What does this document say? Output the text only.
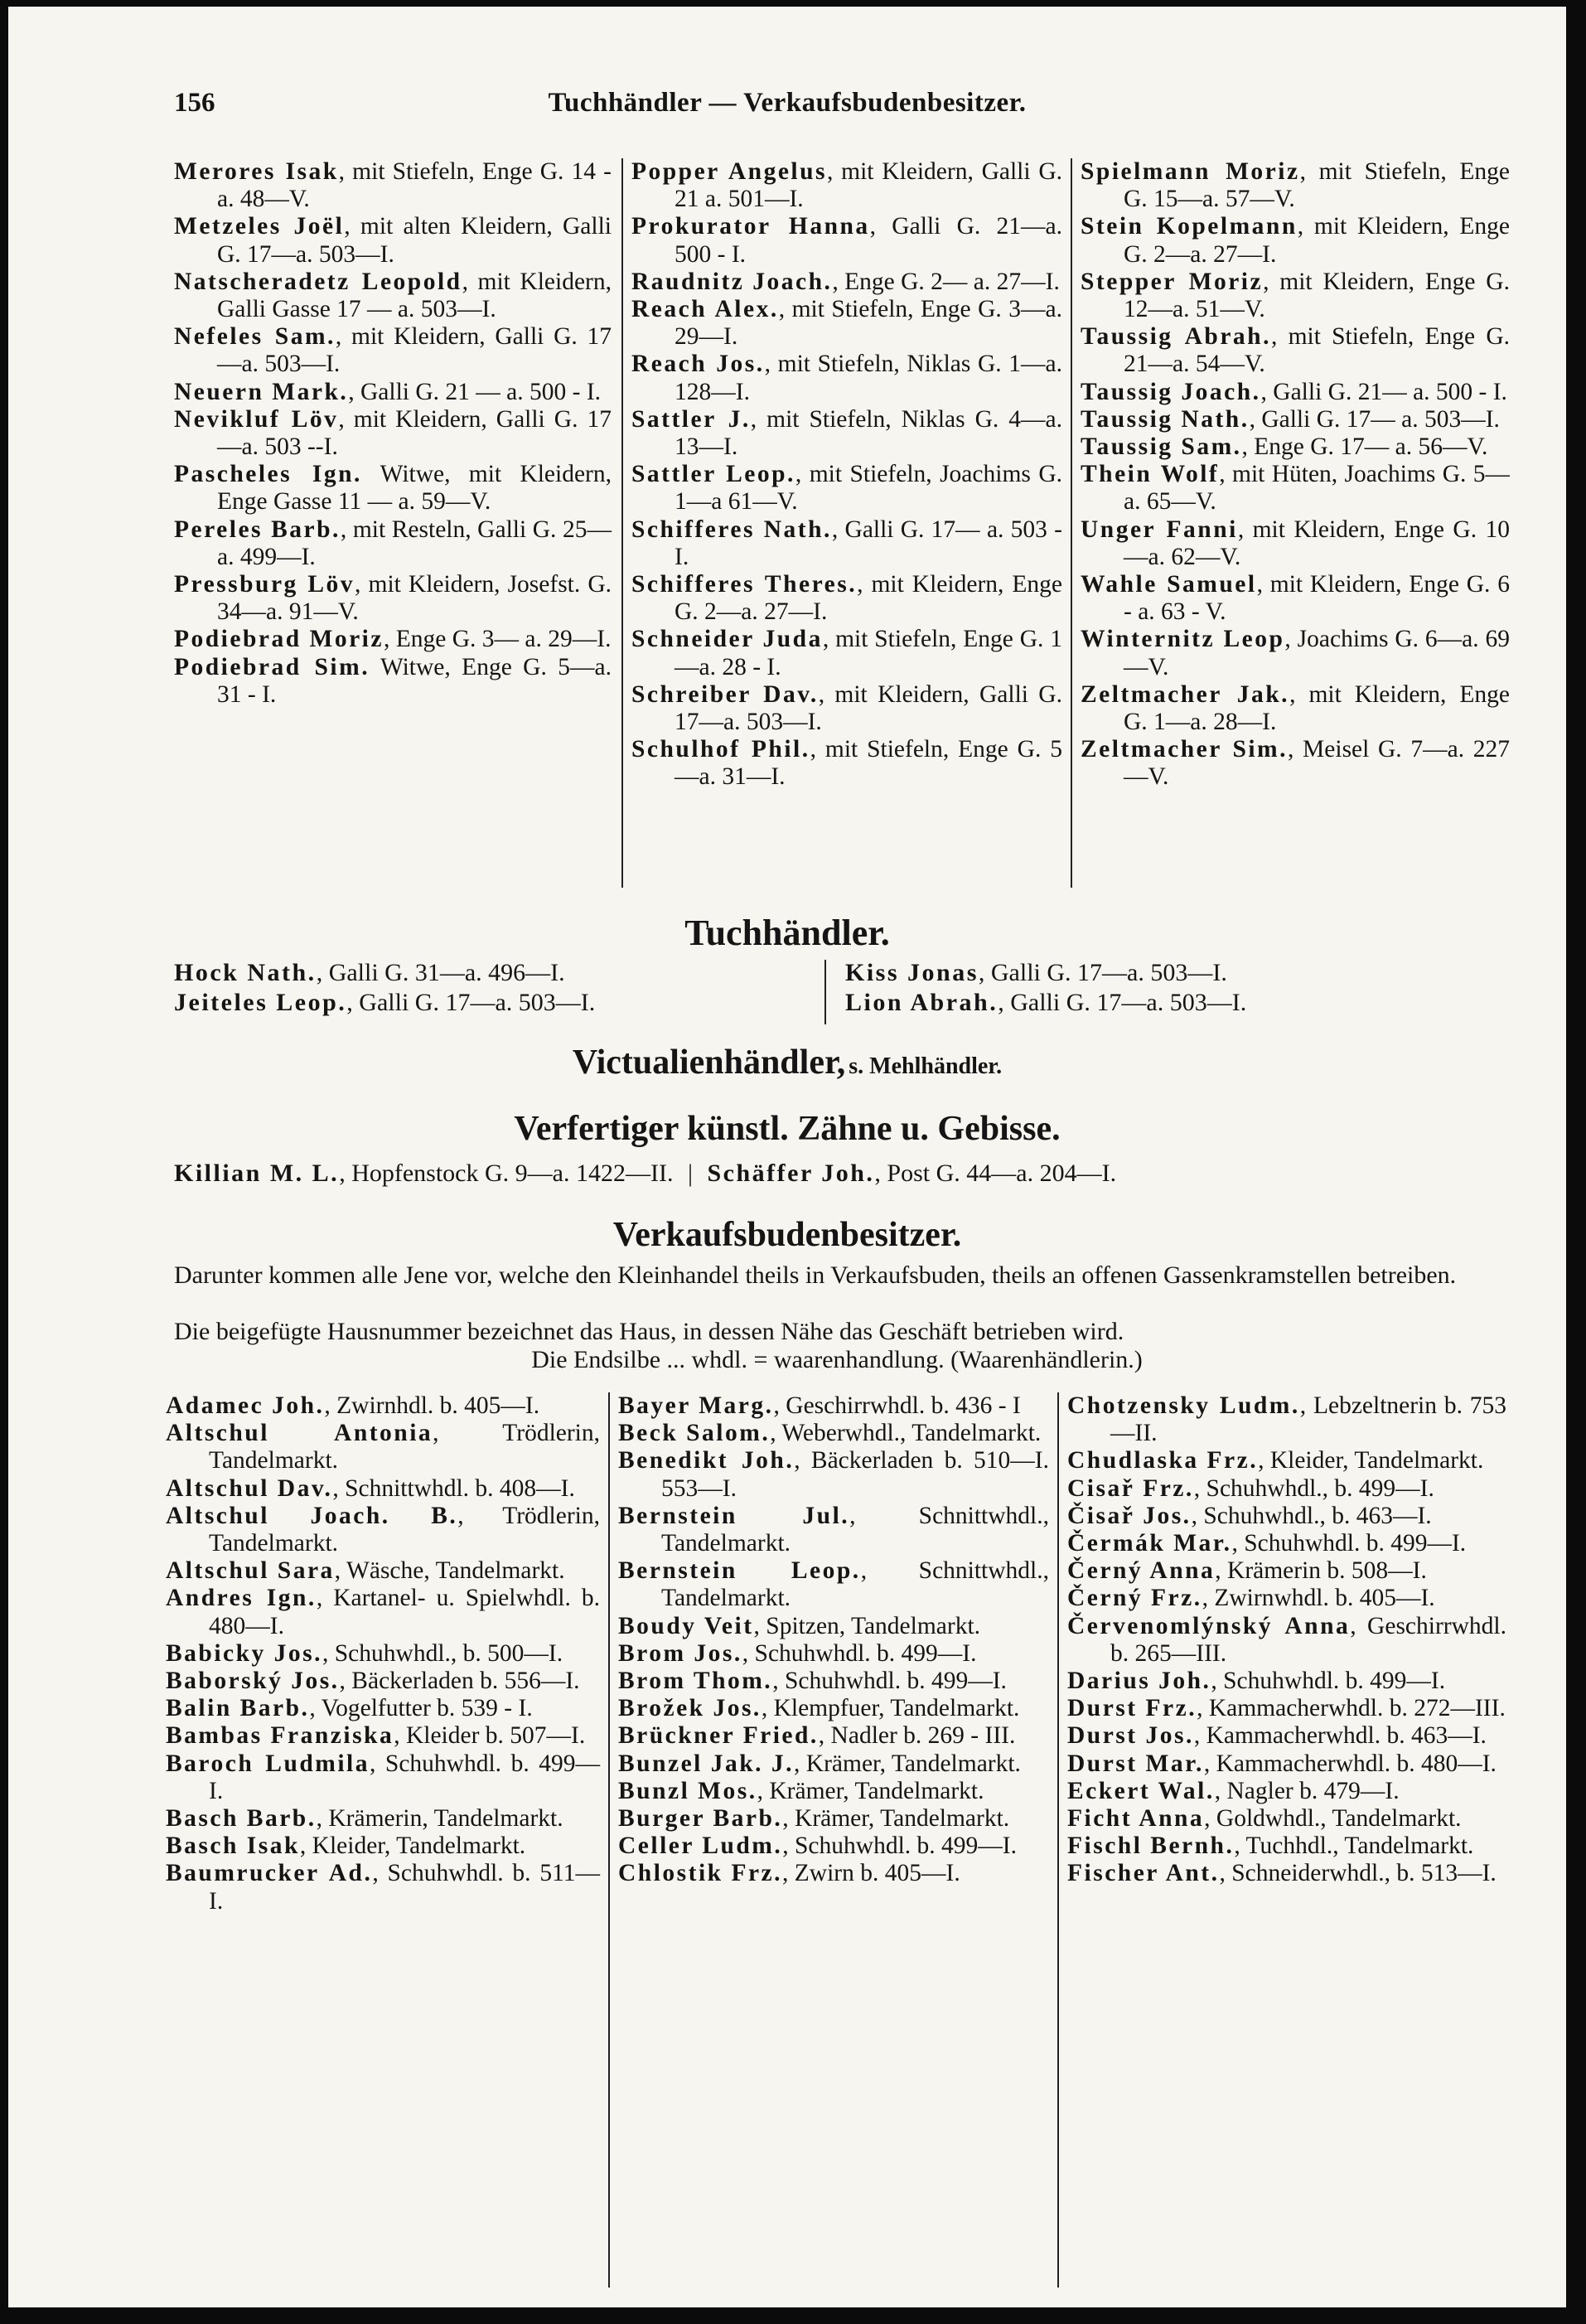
Tuchhändler — Verkaufsbudenbesitzer.
156
Merores Isak, mit Stiefeln, Enge G. 14 - a. 48—V.
Metzeles Joël, mit alten Kleidern, Galli G. 17—a. 503—I.
Natscheradetz Leopold, mit Kleidern, Galli Gasse 17 — a. 503—I.
Nefeles Sam., mit Kleidern, Galli G. 17—a. 503—I.
Neuern Mark., Galli G. 21 — a. 500 - I.
Nevikluf Löv, mit Kleidern, Galli G. 17—a. 503 --I.
Pascheles Ign. Witwe, mit Kleidern, Enge Gasse 11 — a. 59—V.
Pereles Barb., mit Resteln, Galli G. 25—a. 499—I.
Pressburg Löv, mit Kleidern, Josefst. G. 34—a. 91—V.
Podiebrad Moriz, Enge G. 3— a. 29—I.
Podiebrad Sim. Witwe, Enge G. 5—a. 31 - I.
Popper Angelus, mit Kleidern, Galli G. 21 a. 501—I.
Prokurator Hanna, Galli G. 21—a. 500 - I.
Raudnitz Joach., Enge G. 2— a. 27—I.
Reach Alex., mit Stiefeln, Enge G. 3—a. 29—I.
Reach Jos., mit Stiefeln, Niklas G. 1—a. 128—I.
Sattler J., mit Stiefeln, Niklas G. 4—a. 13—I.
Sattler Leop., mit Stiefeln, Joachims G. 1—a 61—V.
Schifferes Nath., Galli G. 17— a. 503 - I.
Schifferes Theres., mit Kleidern, Enge G. 2—a. 27—I.
Schneider Juda, mit Stiefeln, Enge G. 1—a. 28 - I.
Schreiber Dav., mit Kleidern, Galli G. 17—a. 503—I.
Schulhof Phil., mit Stiefeln, Enge G. 5—a. 31—I.
Spielmann Moriz, mit Stiefeln, Enge G. 15—a. 57—V.
Stein Kopelmann, mit Kleidern, Enge G. 2—a. 27—I.
Stepper Moriz, mit Kleidern, Enge G. 12—a. 51—V.
Taussig Abrah., mit Stiefeln, Enge G. 21—a. 54—V.
Taussig Joach., Galli G. 21— a. 500 - I.
Taussig Nath., Galli G. 17— a. 503—I.
Taussig Sam., Enge G. 17— a. 56—V.
Thein Wolf, mit Hüten, Joachims G. 5—a. 65—V.
Unger Fanni, mit Kleidern, Enge G. 10—a. 62—V.
Wahle Samuel, mit Kleidern, Enge G. 6 - a. 63 - V.
Winternitz Leop, Joachims G. 6—a. 69—V.
Zeltmacher Jak., mit Kleidern, Enge G. 1—a. 28—I.
Zeltmacher Sim., Meisel G. 7—a. 227—V.
Tuchhändler.
Hock Nath., Galli G. 31—a. 496—I.
Jeiteles Leop., Galli G. 17—a. 503—I.
Kiss Jonas, Galli G. 17—a. 503—I.
Lion Abrah., Galli G. 17—a. 503—I.
Victualienhändler, s. Mehlhändler.
Verfertiger künstl. Zähne u. Gebisse.
Killian M. L., Hopfenstock G. 9—a. 1422—II. | Schäffer Joh., Post G. 44—a. 204—I.
Verkaufsbudenbesitzer.
Darunter kommen alle Jene vor, welche den Kleinhandel theils in Verkaufsbuden, theils an offenen Gassenkramstellen betreiben.
Die beigefügte Hausnummer bezeichnet das Haus, in dessen Nähe das Geschäft betrieben wird.
Die Endsilbe ... whdl. = waarenhandlung. (Waarenhändlerin.)
Adamec Joh., Zwirnhdl. b. 405—I.
Altschul Antonia, Trödlerin, Tandelmarkt.
Altschul Dav., Schnittwhdl. b. 408—I.
Altschul Joach. B., Trödlerin, Tandelmarkt.
Altschul Sara, Wäsche, Tandelmarkt.
Andres Ign., Kartanel- u. Spielwhdl. b. 480—I.
Babicky Jos., Schuhwhdl., b. 500—I.
Baborský Jos., Bäckerladen b. 556—I.
Balin Barb., Vogelfutter b. 539 - I.
Bambas Franziska, Kleider b. 507—I.
Baroch Ludmila, Schuhwhdl. b. 499—I.
Basch Barb., Krämerin, Tandelmarkt.
Basch Isak, Kleider, Tandelmarkt.
Baumrucker Ad., Schuhwhdl. b. 511—I.
Bayer Marg., Geschirrwhdl. b. 436 - I
Beck Salom., Weberwhdl., Tandelmarkt.
Benedikt Joh., Bäckerladen b. 510—I. 553—I.
Bernstein Jul., Schnittwhdl., Tandelmarkt.
Bernstein Leop., Schnittwhdl., Tandelmarkt.
Boudy Veit, Spitzen, Tandelmarkt.
Brom Jos., Schuhwhdl. b. 499—I.
Brom Thom., Schuhwhdl. b. 499—I.
Brožek Jos., Klempfuer, Tandelmarkt.
Brückner Fried., Nadler b. 269 - III.
Bunzel Jak. J., Krämer, Tandelmarkt.
Bunzl Mos., Krämer, Tandelmarkt.
Burger Barb., Krämer, Tandelmarkt.
Celler Ludm., Schuhwhdl. b. 499—I.
Chlostik Frz., Zwirn b. 405—I.
Chotzensky Ludm., Lebzeltnerin b. 753—II.
Chudlaska Frz., Kleider, Tandelmarkt.
Cisař Frz., Schuhwhdl., b. 499—I.
Čisař Jos., Schuhwhdl., b. 463—I.
Čermák Mar., Schuhwhdl. b. 499—I.
Černý Anna, Krämerin b. 508—I.
Černý Frz., Zwirnwhdl. b. 405—I.
Červenomlýnský Anna, Geschirrwhdl. b. 265—III.
Darius Joh., Schuhwhdl. b. 499—I.
Durst Frz., Kammacherwhdl. b. 272—III.
Durst Jos., Kammacherwhdl. b. 463—I.
Durst Mar., Kammacherwhdl. b. 480—I.
Eckert Wal., Nagler b. 479—I.
Ficht Anna, Goldwhdl., Tandelmarkt.
Fischl Bernh., Tuchhdl., Tandelmarkt.
Fischer Ant., Schneiderwhdl., b. 513—I.
